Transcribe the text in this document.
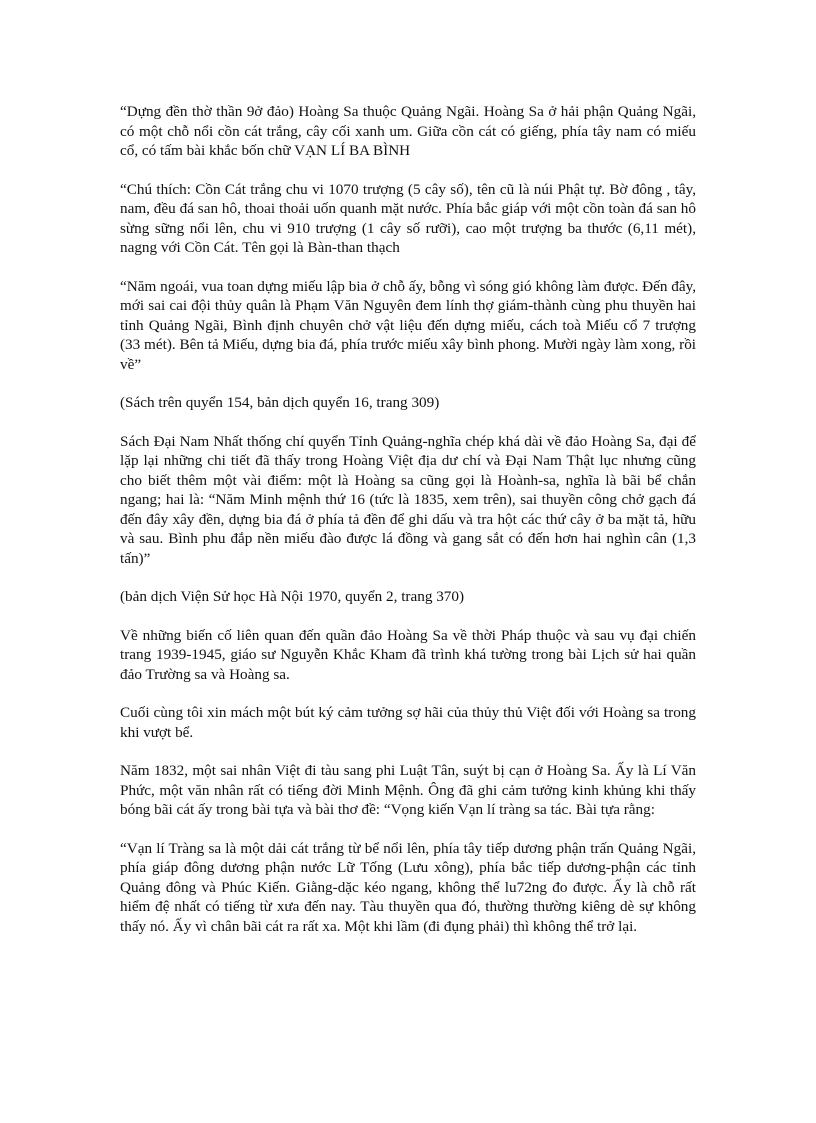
“Dựng đền thờ thần 9ở đảo) Hoàng Sa thuộc Quảng Ngãi. Hoàng Sa ở hải phận Quảng Ngãi, có một chỗ nổi cồn cát trắng, cây cối xanh um. Giữa cồn cát có giếng, phía tây nam có miếu cổ, có tấm bài khắc bốn chữ VẠN LÍ BA BÌNH

“Chú thích: Cồn Cát trắng chu vi 1070 trượng (5 cây số), tên cũ là núi Phật tự. Bờ đông , tây, nam, đều đá san hô, thoai thoải uốn quanh mặt nước. Phía bắc giáp với một cồn toàn đá san hô sừng sững nổi lên, chu vi 910 trượng (1 cây số rưỡi), cao một trượng ba thước (6,11 mét), nagng với Cồn Cát. Tên gọi là Bàn-than thạch

“Năm ngoái, vua toan dựng miếu lập bia ở chỗ ấy, bỗng vì sóng gió không làm được. Đến đây, mới sai cai đội thủy quân là Phạm Văn Nguyên đem lính thợ giám-thành cùng phu thuyền hai tỉnh Quảng Ngãi, Bình định chuyên chở vật liệu đến dựng miếu, cách toà Miếu cổ 7 trượng (33 mét). Bên tả Miếu, dựng bia đá, phía trước miếu xây bình phong. Mười ngày làm xong, rồi về”

(Sách trên quyển 154, bản dịch quyển 16, trang 309)

Sách Đại Nam Nhất thống chí quyển Tỉnh Quảng-nghĩa chép khá dài về đảo Hoàng Sa, đại để lặp lại những chi tiết đã thấy trong Hoàng Việt địa dư chí và Đại Nam Thật lục nhưng cũng cho biết thêm một vài điểm: một là Hoàng sa cũng gọi là Hoành-sa, nghĩa là bãi bể chắn ngang; hai là: “Năm Minh mệnh thứ 16 (tức là 1835, xem trên), sai thuyền công chở gạch đá đến đây xây đền, dựng bia đá ở phía tả đền để ghi dấu và tra hột các thứ cây ở ba mặt tả, hữu và sau. Bình phu đắp nền miếu đào được lá đồng và gang sắt có đến hơn hai nghìn cân (1,3 tấn)”

(bản dịch Viện Sử học Hà Nội 1970, quyển 2, trang 370)

Về những biến cố liên quan đến quần đảo Hoàng Sa về thời Pháp thuộc và sau vụ đại chiến trang 1939-1945, giáo sư Nguyễn Khắc Kham đã trình khá tường trong bài Lịch sử hai quần đảo Trường sa và Hoàng sa.

Cuối cùng tôi xin mách một bút ký cảm tưởng sợ hãi của thủy thủ Việt đối với Hoàng sa trong khi vượt bể.

Năm 1832, một sai nhân Việt đi tàu sang phi Luật Tân, suýt bị cạn ở Hoàng Sa. Ấy là Lí Văn Phức, một văn nhân rất có tiếng đời Minh Mệnh. Ông đã ghi cảm tưởng kinh khủng khi thấy bóng bãi cát ấy trong bài tựa và bài thơ đề: “Vọng kiến Vạn lí tràng sa tác. Bài tựa rằng:

“Vạn lí Tràng sa là một dải cát trắng từ bể nổi lên, phía tây tiếp dương phận trấn Quảng Ngãi, phía giáp đông dương phận nước Lữ Tống (Lưu xông), phía bắc tiếp dương-phận các tỉnh Quảng đông và Phúc Kiến. Giằng-dặc kéo ngang, không thể lu72ng đo được. Ấy là chỗ rất hiểm đệ nhất có tiếng từ xưa đến nay. Tàu thuyền qua đó, thường thường kiêng dè sự không thấy nó. Ấy vì chân bãi cát ra rất xa. Một khi lầm (đi đụng phải) thì không thể trở lại.
